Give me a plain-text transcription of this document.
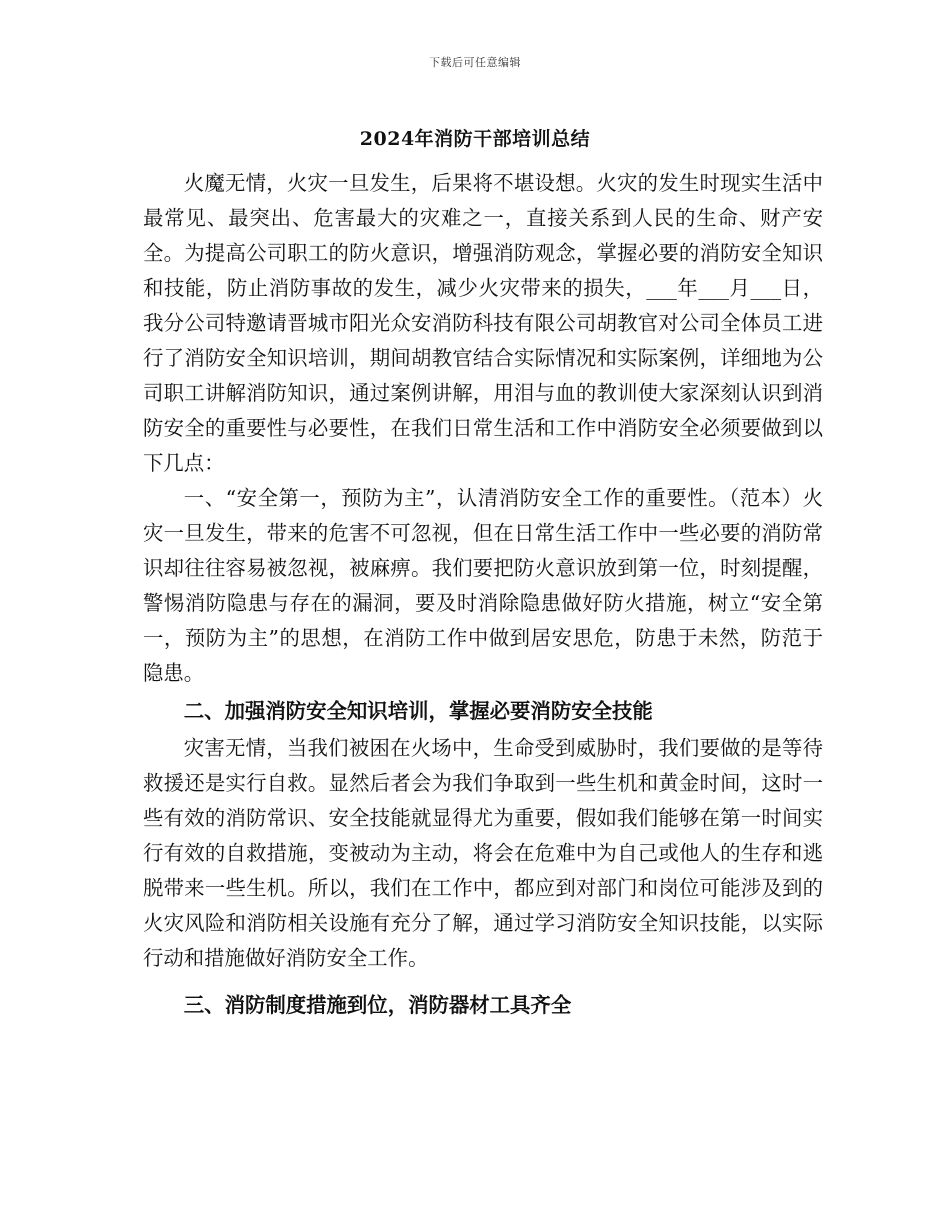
下载后可任意编辑
2024年消防干部培训总结

火魔无情，火灾一旦发生，后果将不堪设想。火灾的发生时现实生活中最常见、最突出、危害最大的灾难之一，直接关系到人民的生命、财产安全。为提高公司职工的防火意识，增强消防观念，掌握必要的消防安全知识和技能，防止消防事故的发生，减少火灾带来的损失，___年___月___日，我分公司特邀请晋城市阳光众安消防科技有限公司胡教官对公司全体员工进行了消防安全知识培训，期间胡教官结合实际情况和实际案例，详细地为公司职工讲解消防知识，通过案例讲解，用泪与血的教训使大家深刻认识到消防安全的重要性与必要性，在我们日常生活和工作中消防安全必须要做到以下几点：

一、“安全第一，预防为主”，认清消防安全工作的重要性。（范本）火灾一旦发生，带来的危害不可忽视，但在日常生活工作中一些必要的消防常识却往往容易被忽视，被麻痹。我们要把防火意识放到第一位，时刻提醒，警惕消防隐患与存在的漏洞，要及时消除隐患做好防火措施，树立“安全第一，预防为主”的思想，在消防工作中做到居安思危，防患于未然，防范于隐患。

二、加强消防安全知识培训，掌握必要消防安全技能

灾害无情，当我们被困在火场中，生命受到威胁时，我们要做的是等待救援还是实行自救。显然后者会为我们争取到一些生机和黄金时间，这时一些有效的消防常识、安全技能就显得尤为重要，假如我们能够在第一时间实行有效的自救措施，变被动为主动，将会在危难中为自己或他人的生存和逃脱带来一些生机。所以，我们在工作中，都应到对部门和岗位可能涉及到的火灾风险和消防相关设施有充分了解，通过学习消防安全知识技能，以实际行动和措施做好消防安全工作。

三、消防制度措施到位，消防器材工具齐全
